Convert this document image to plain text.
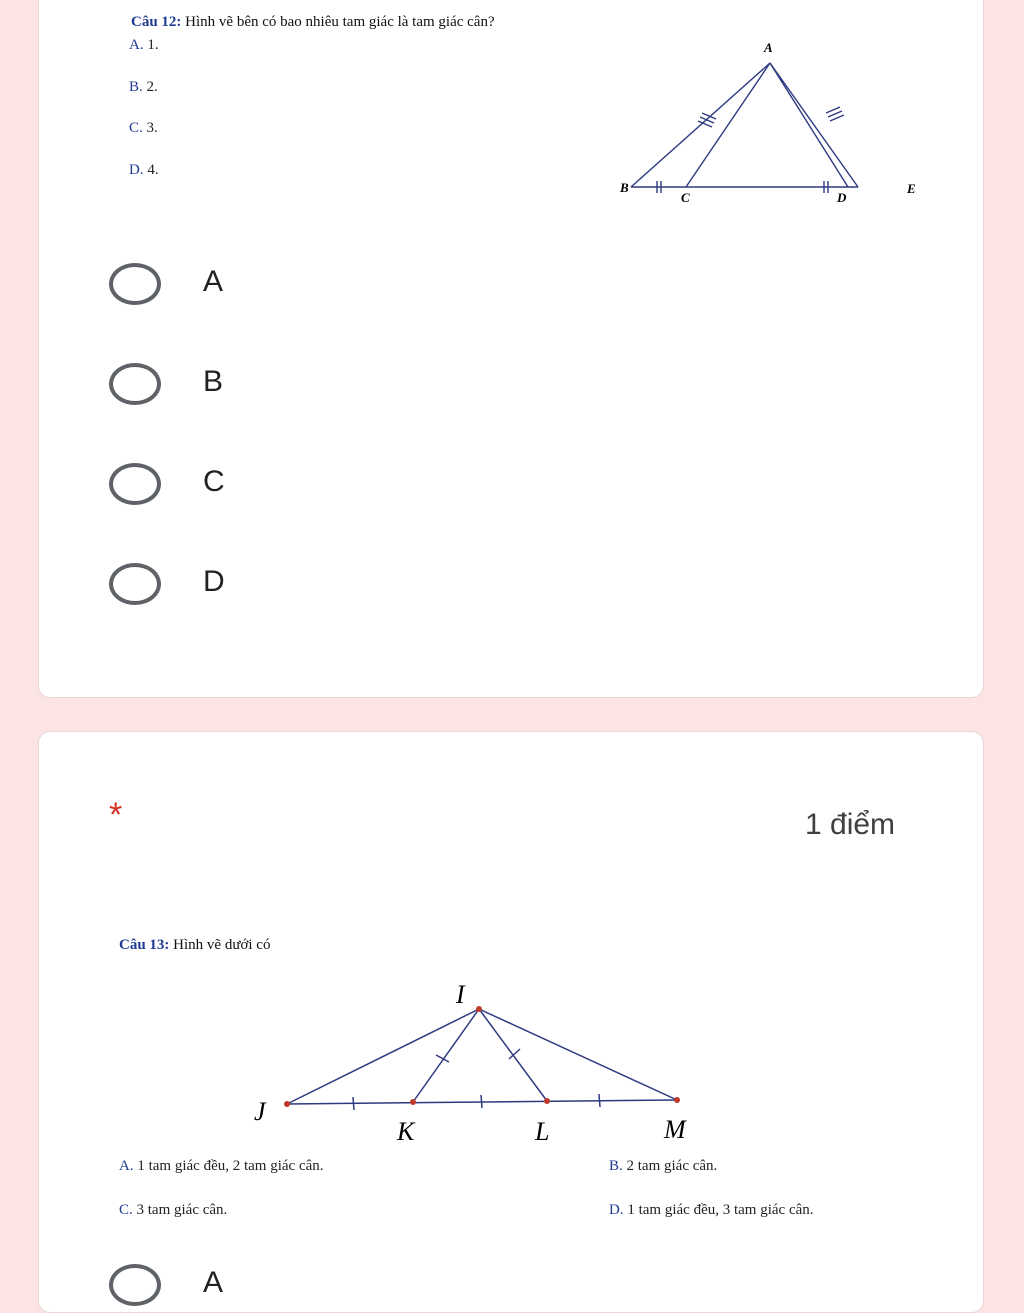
Câu 12: Hình vẽ bên có bao nhiêu tam giác là tam giác cân?
A. 1.
B. 2.
C. 3.
D. 4.
A
B
C	D
E
A
B
C
D
*	1 điểm
Câu 13: Hình vẽ dưới có
I
J
K	L	M
A. 1 tam giác đều, 2 tam giác cân.	B. 2 tam giác cân.
C. 3 tam giác cân.	D. 1 tam giác đều, 3 tam giác cân.
A
